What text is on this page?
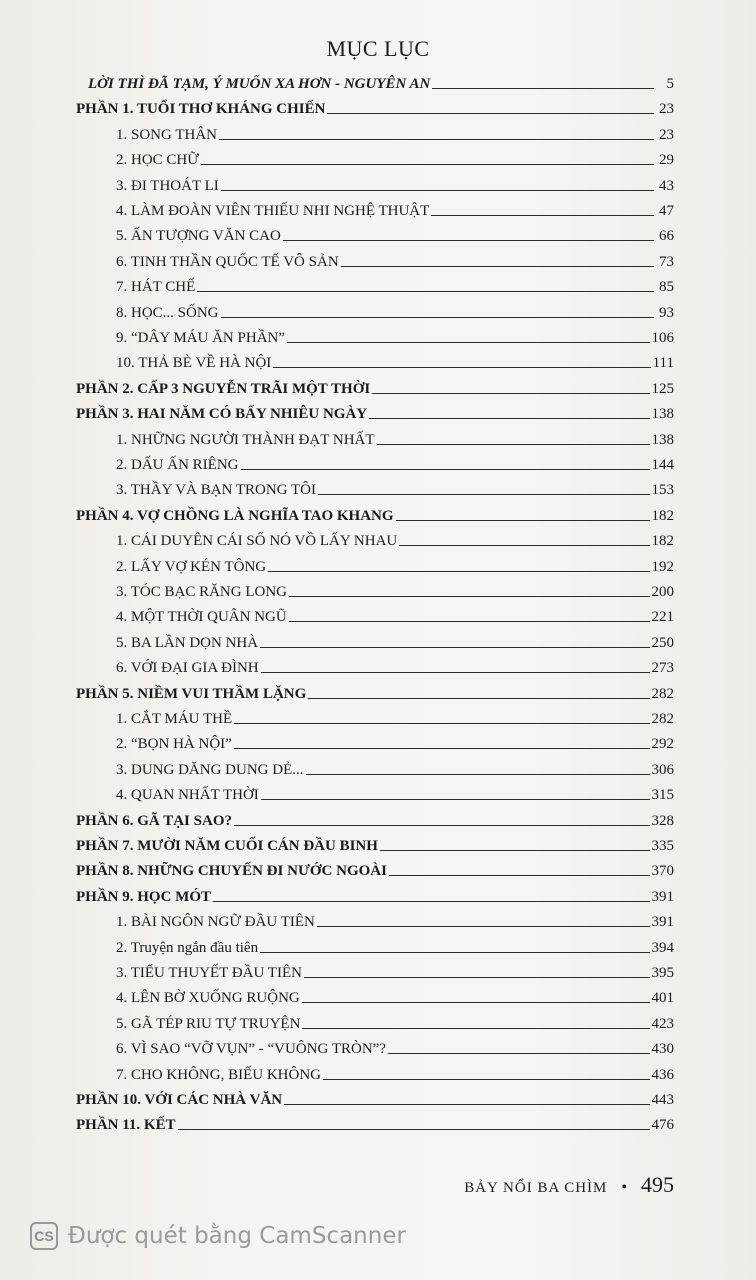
MỤC LỤC
LỜI THÌ ĐÃ TẠM, Ý MUỐN XA HƠN - NGUYÊN AN	5
PHẦN 1. TUỔI THƠ KHÁNG CHIẾN	23
1. SONG THÂN	23
2. HỌC CHỮ	29
3. ĐI THOÁT LI	43
4. LÀM ĐOÀN VIÊN THIẾU NHI NGHỆ THUẬT	47
5. ẤN TƯỢNG VĂN CAO	66
6. TINH THẦN QUỐC TẾ VÔ SẢN	73
7. HÁT CHẾ	85
8. HỌC... SỐNG	93
9. “DÂY MÁU ĂN PHẦN”	106
10. THẢ BÈ VỀ HÀ NỘI	111
PHẦN 2. CẤP 3 NGUYỄN TRÃI MỘT THỜI	125
PHẦN 3. HAI NĂM CÓ BẤY NHIÊU NGÀY	138
1. NHỮNG NGƯỜI THÀNH ĐẠT NHẤT	138
2. DẤU ẤN RIÊNG	144
3. THẦY VÀ BẠN TRONG TÔI	153
PHẦN 4. VỢ CHỒNG LÀ NGHĨA TAO KHANG	182
1. CÁI DUYÊN CÁI SỐ NÓ VỒ LẤY NHAU	182
2. LẤY VỢ KÉN TÔNG	192
3. TÓC BẠC RĂNG LONG	200
4. MỘT THỜI QUÂN NGŨ	221
5. BA LẦN DỌN NHÀ	250
6. VỚI ĐẠI GIA ĐÌNH	273
PHẦN 5. NIỀM VUI THẦM LẶNG	282
1. CẮT MÁU THỀ	282
2. “BỌN HÀ NỘI”	292
3. DUNG DĂNG DUNG DẺ...	306
4. QUAN NHẤT THỜI	315
PHẦN 6. GÃ TẠI SAO?	328
PHẦN 7. MƯỜI NĂM CUỐI CÁN ĐẦU BINH	335
PHẦN 8. NHỮNG CHUYẾN ĐI NƯỚC NGOÀI	370
PHẦN 9. HỌC MÓT	391
1. BÀI NGÔN NGỮ ĐẦU TIÊN	391
2. Truyện ngắn đầu tiên	394
3. TIỂU THUYẾT ĐẦU TIÊN	395
4. LÊN BỜ XUỐNG RUỘNG	401
5. GÃ TÉP RIU TỰ TRUYỆN	423
6. VÌ SAO “VỠ VỤN” - “VUÔNG TRÒN”?	430
7. CHO KHÔNG, BIẾU KHÔNG	436
PHẦN 10. VỚI CÁC NHÀ VĂN	443
PHẦN 11. KẾT	476
BẢY NỔI BA CHÌM • 495
CS Được quét bằng CamScanner
